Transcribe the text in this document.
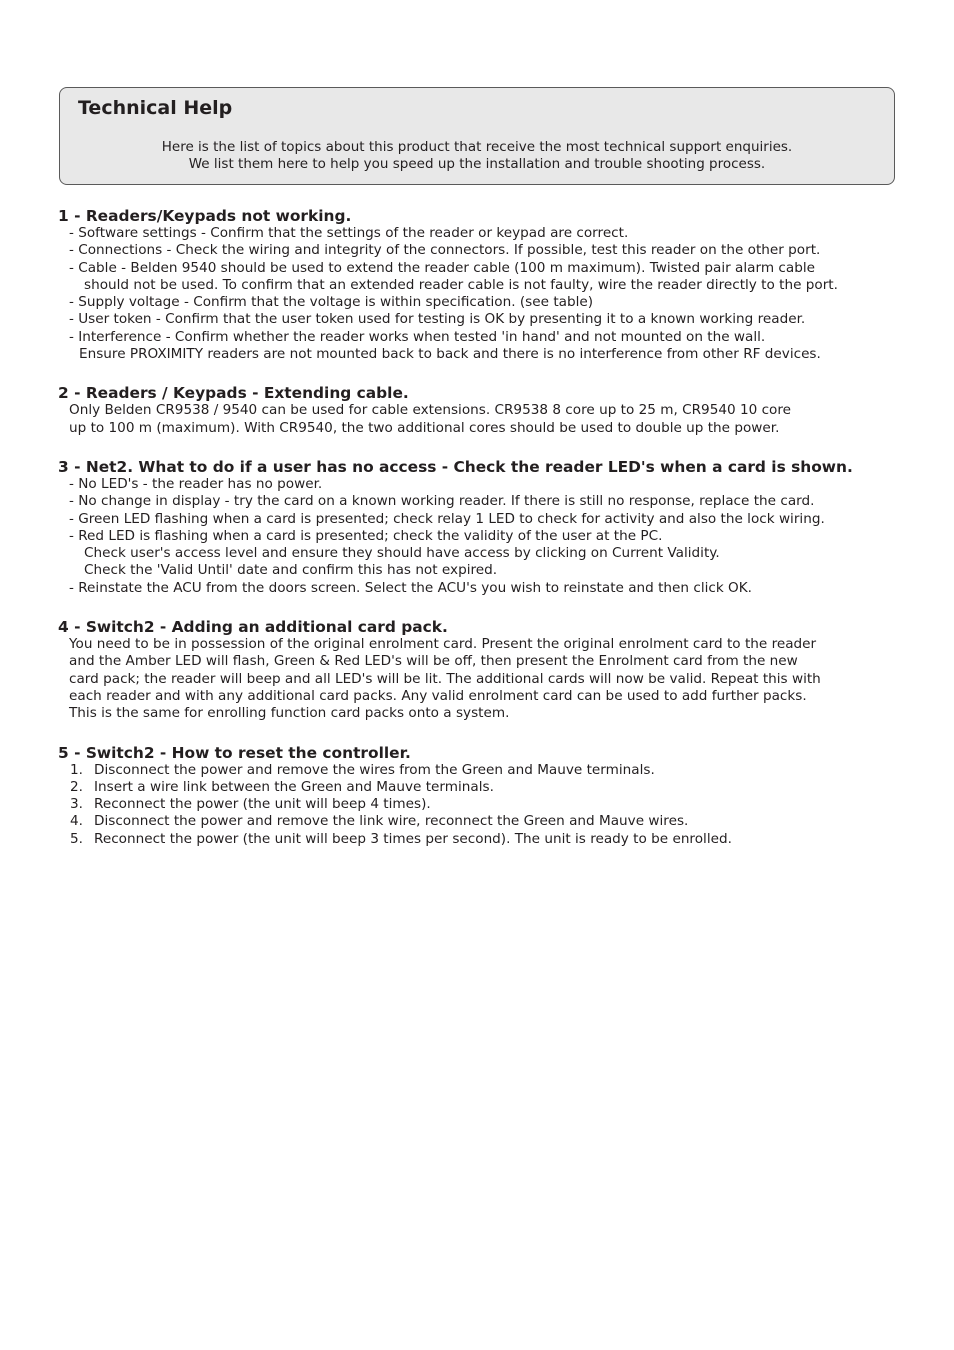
Technical Help
Here is the list of topics about this product that receive the most technical support enquiries.
We list them here to help you speed up the installation and trouble shooting process.
1 - Readers/Keypads not working.
- Software settings - Confirm that the settings of the reader or keypad are correct.
- Connections - Check the wiring and integrity of the connectors. If possible, test this reader on the other port.
- Cable - Belden 9540 should be used to extend the reader cable (100 m maximum). Twisted pair alarm cable
should not be used. To confirm that an extended reader cable is not faulty, wire the reader directly to the port.
- Supply voltage - Confirm that the voltage is within specification. (see table)
- User token - Confirm that the user token used for testing is OK by presenting it to a known working reader.
- Interference - Confirm whether the reader works when tested 'in hand' and not mounted on the wall.
Ensure PROXIMITY readers are not mounted back to back and there is no interference from other RF devices.
2 - Readers / Keypads - Extending cable.
Only Belden CR9538 / 9540 can be used for cable extensions. CR9538 8 core up to 25 m, CR9540 10 core
up to 100 m (maximum). With CR9540, the two additional cores should be used to double up the power.
3 - Net2. What to do if a user has no access - Check the reader LED's when a card is shown.
- No LED's - the reader has no power.
- No change in display - try the card on a known working reader. If there is still no response, replace the card.
- Green LED flashing when a card is presented; check relay 1 LED to check for activity and also the lock wiring.
- Red LED is flashing when a card is presented; check the validity of the user at the PC.
Check user's access level and ensure they should have access by clicking on Current Validity.
Check the 'Valid Until' date and confirm this has not expired.
- Reinstate the ACU from the doors screen. Select the ACU's you wish to reinstate and then click OK.
4 - Switch2 - Adding an additional card pack.
You need to be in possession of the original enrolment card. Present the original enrolment card to the reader
and the Amber LED will flash, Green & Red LED's will be off, then present the Enrolment card from the new
card pack; the reader will beep and all LED's will be lit. The additional cards will now be valid. Repeat this with
each reader and with any additional card packs. Any valid enrolment card can be used to add further packs.
This is the same for enrolling function card packs onto a system.
5 - Switch2 - How to reset the controller.
1. Disconnect the power and remove the wires from the Green and Mauve terminals.
2. Insert a wire link between the Green and Mauve terminals.
3. Reconnect the power (the unit will beep 4 times).
4. Disconnect the power and remove the link wire, reconnect the Green and Mauve wires.
5. Reconnect the power (the unit will beep 3 times per second). The unit is ready to be enrolled.
